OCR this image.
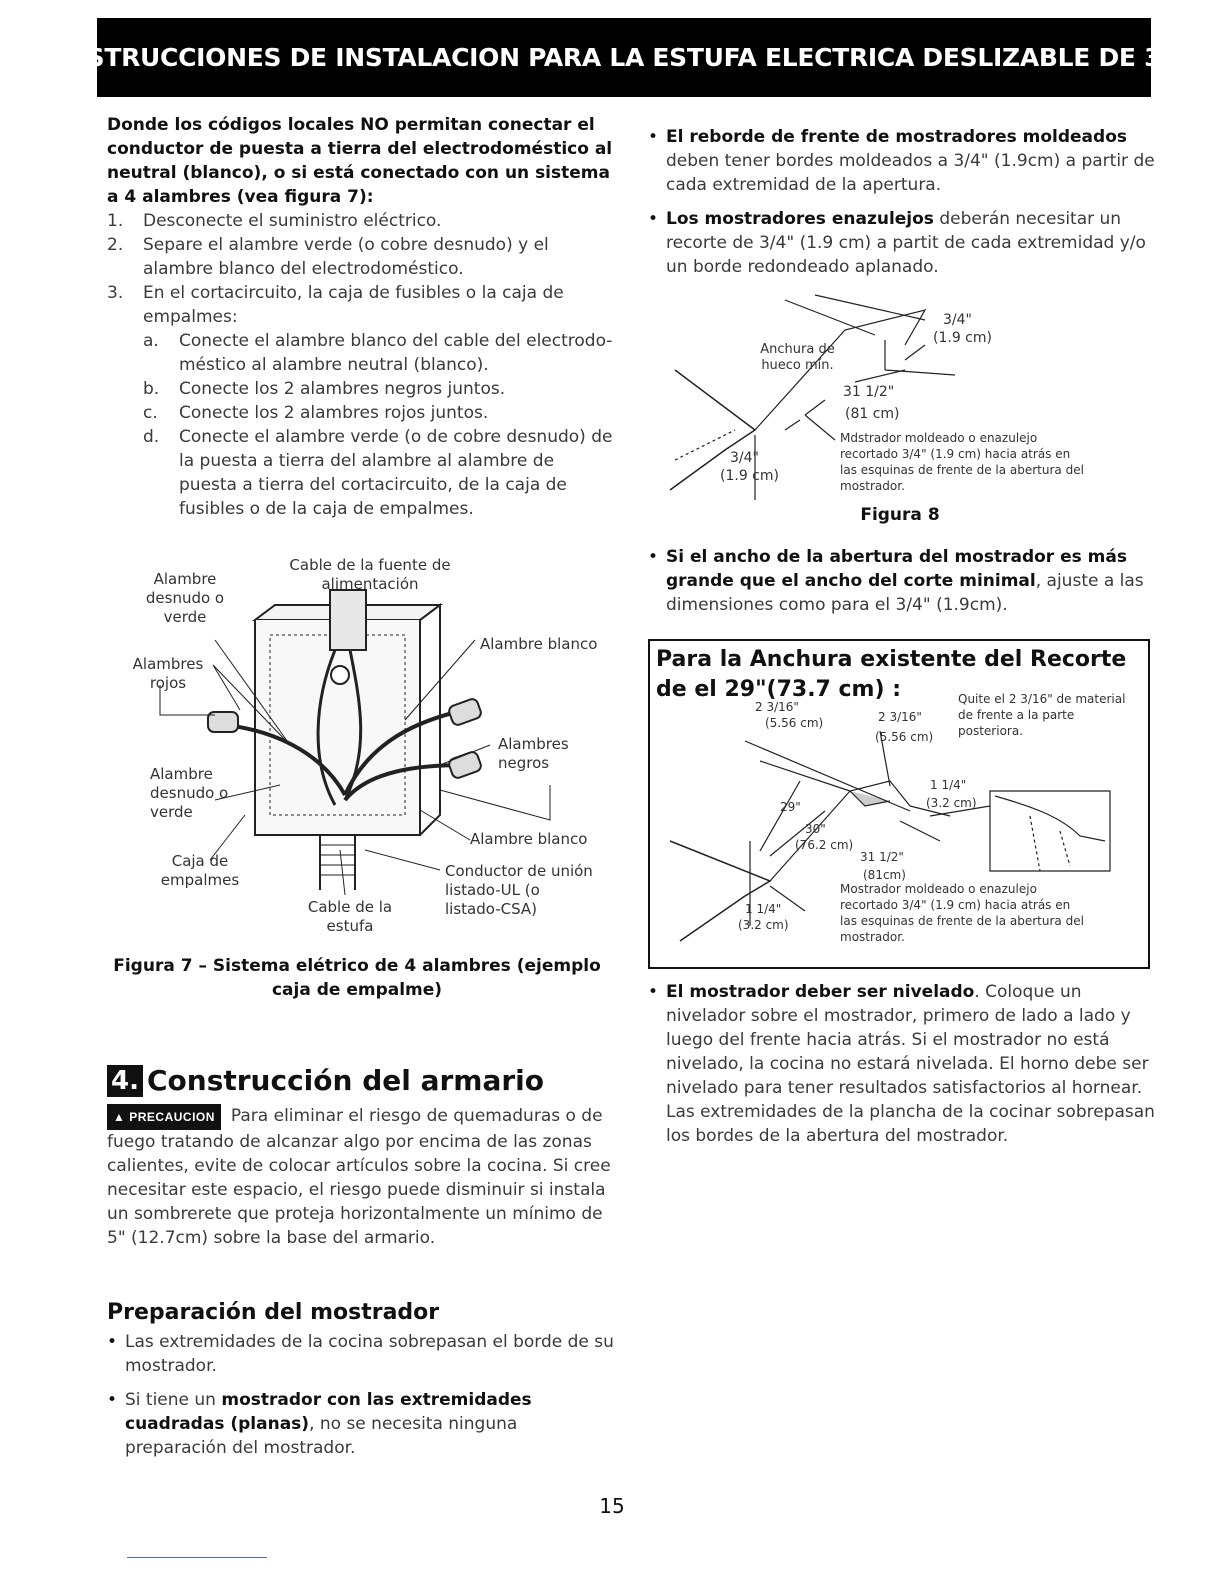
INSTRUCCIONES DE INSTALACION PARA LA ESTUFA ELECTRICA DESLIZABLE DE 30"

Donde los códigos locales NO permitan conectar el conductor de puesta a tierra del electrodoméstico al neutral (blanco), o si está conectado con un sistema a 4 alambres (vea figura 7):

1. Desconecte el suministro eléctrico.
2. Separe el alambre verde (o cobre desnudo) y el alambre blanco del electrodoméstico.
3. En el cortacircuito, la caja de fusibles o la caja de empalmes:
a. Conecte el alambre blanco del cable del electrodo-méstico al alambre neutral (blanco).
b. Conecte los 2 alambres negros juntos.
c. Conecte los 2 alambres rojos juntos.
d. Conecte el alambre verde (o de cobre desnudo) de la puesta a tierra del alambre al alambre de puesta a tierra del cortacircuito, de la caja de fusibles o de la caja de empalmes.
Cable de la fuente de alimentación
Alambre desnudo o verde
Alambre blanco
Alambres rojos
Alambres negros
Alambre desnudo o verde
Alambre blanco
Caja de empalmes	Conductor de unión listado-UL (o listado-CSA)
Cable de la estufa
Figura 7 – Sistema elétrico de 4 alambres (ejemplo caja de empalme)
4. Construcción del armario
▲ PRECAUCION Para eliminar el riesgo de quemaduras o de fuego tratando de alcanzar algo por encima de las zonas calientes, evite de colocar artículos sobre la cocina. Si cree necesitar este espacio, el riesgo puede disminuir si instala un sombrerete que proteja horizontalmente un mínimo de 5" (12.7cm) sobre la base del armario.
Preparación del mostrador
• Las extremidades de la cocina sobrepasan el borde de su mostrador.
• Si tiene un mostrador con las extremidades cuadradas (planas), no se necesita ninguna preparación del mostrador.
• El reborde de frente de mostradores moldeados
deben tener bordes moldeados a 3/4" (1.9cm) a partir de cada extremidad de la apertura.
• Los mostradores enazulejos deberán necesitar un recorte de 3/4" (1.9 cm) a partit de cada extremidad y/o un borde redondeado aplanado.
3/4"
(1.9 cm)
Anchura de hueco mín.
31 1/2"
(81 cm)
3/4"
(1.9 cm)
Mdstrador moldeado o enazulejo recortado 3/4" (1.9 cm) hacia atrás en las esquinas de frente de la abertura del mostrador.
Figura 8
• Si el ancho de la abertura del mostrador es más grande que el ancho del corte minimal, ajuste a las dimensiones como para el 3/4" (1.9cm).
Para la Anchura existente del Recorte de el 29"(73.7 cm) :	Quite el 2 3/16" de material de frente a la parte posteriora.
2 3/16"
(5.56 cm)	2 3/16"
(5.56 cm)
1 1/4"
(3.2 cm)
29"
30"
(76.2 cm)
31 1/2"
(81cm)
1 1/4"
(3.2 cm)
Mostrador moldeado o enazulejo recortado 3/4" (1.9 cm) hacia atrás en las esquinas de frente de la abertura del mostrador.
• El mostrador deber ser nivelado. Coloque un nivelador sobre el mostrador, primero de lado a lado y luego del frente hacia atrás. Si el mostrador no está nivelado, la cocina no estará nivelada. El horno debe ser nivelado para tener resultados satisfactorios al hornear. Las extremidades de la plancha de la cocinar sobrepasan los bordes de la abertura del mostrador.
15
